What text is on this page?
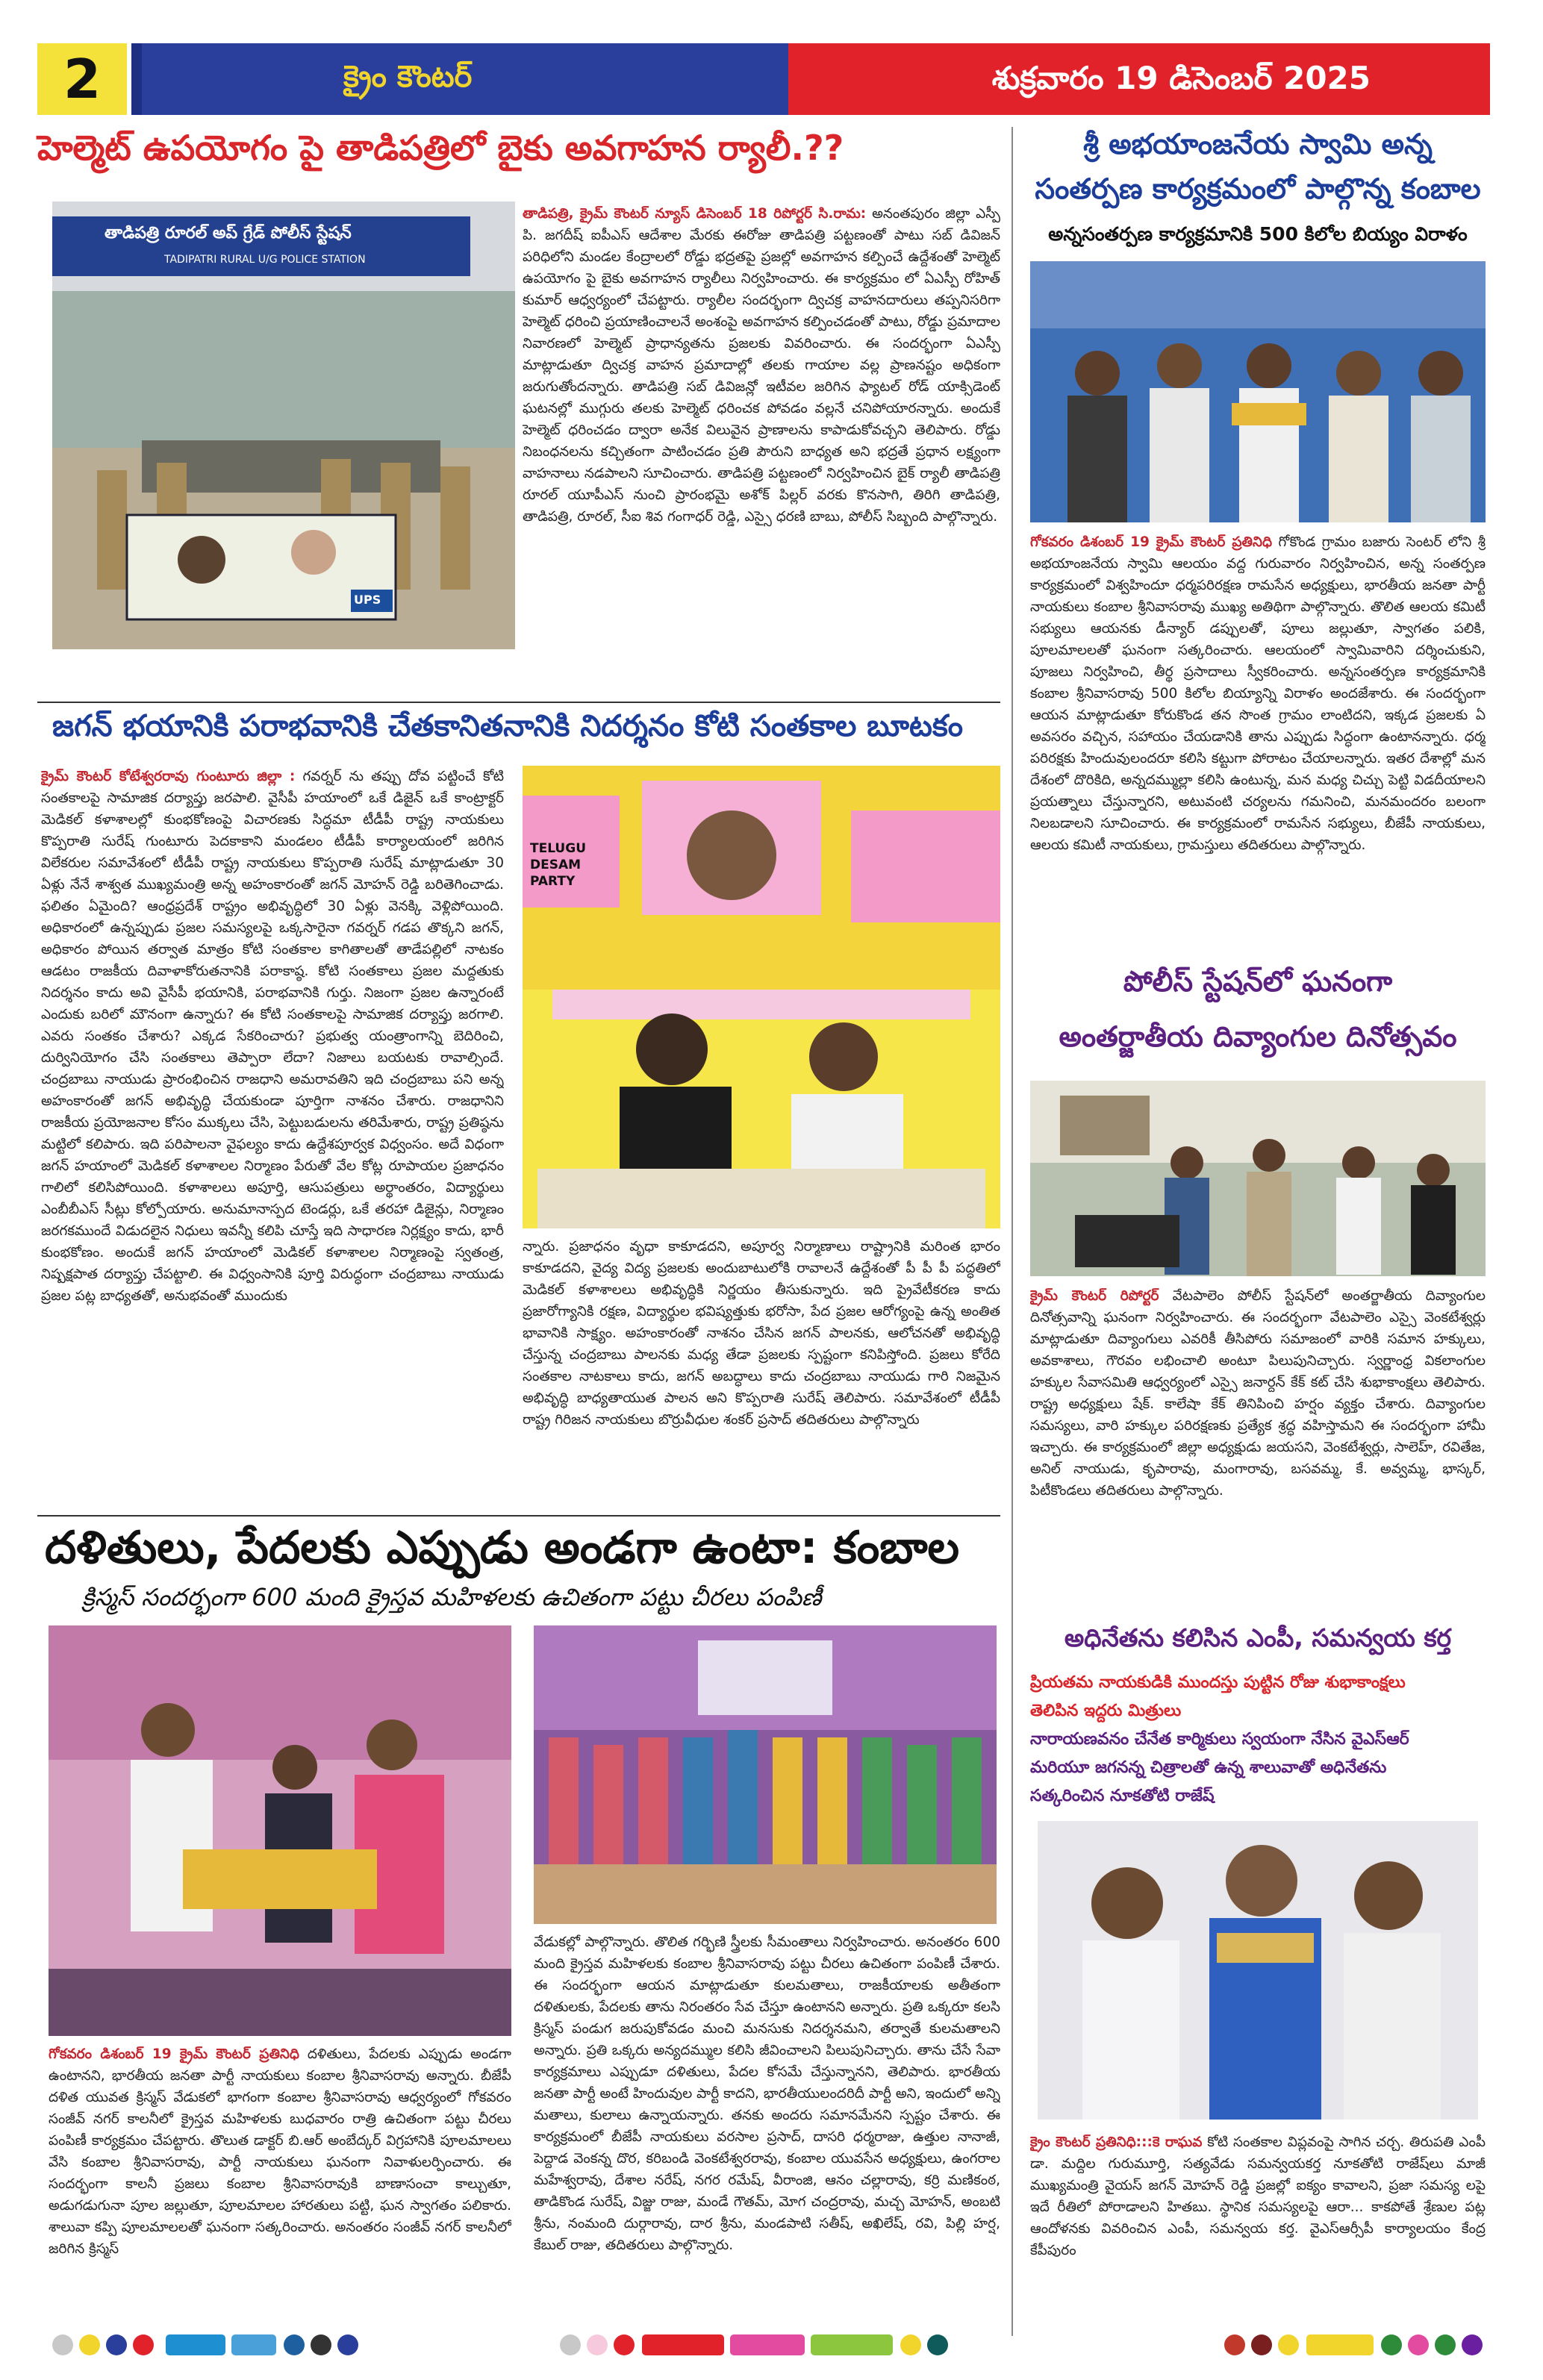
2	క్రైం కౌంటర్	శుక్రవారం 19 డిసెంబర్ 2025
హెల్మెట్ ఉపయోగం పై తాడిపత్రిలో బైకు అవగాహన ర్యాలీ.??
తాడిపత్రి రూరల్ అప్ గ్రేడ్ పోలీస్ స్టేషన్
TADIPATRI RURAL U/G POLICE STATION
UPS
తాడిపత్రి, క్రైమ్ కౌంటర్ న్యూస్ డిసెంబర్ 18 రిపోర్టర్ సి.రామ: అనంతపురం జిల్లా ఎస్పీ పి. జగదీష్ ఐపీఎస్ ఆదేశాల మేరకు ఈరోజు తాడిపత్రి పట్టణంతో పాటు సబ్ డివిజన్ పరిధిలోని మండల కేంద్రాలలో రోడ్డు భద్రతపై ప్రజల్లో అవగాహన కల్పించే ఉద్దేశంతో హెల్మెట్ ఉపయోగం పై బైకు అవగాహన ర్యాలీలు నిర్వహించారు. ఈ కార్యక్రమం లో ఏఎస్పీ రోహిత్ కుమార్ ఆధ్వర్యంలో చేపట్టారు. ర్యాలీల సందర్భంగా ద్విచక్ర వాహనదారులు తప్పనిసరిగా హెల్మెట్ ధరించి ప్రయాణించాలనే అంశంపై అవగాహన కల్పించడంతో పాటు, రోడ్డు ప్రమాదాల నివారణలో హెల్మెట్ ప్రాధాన్యతను ప్రజలకు వివరించారు. ఈ సందర్భంగా ఏఎస్పీ మాట్లాడుతూ ద్విచక్ర వాహన ప్రమాదాల్లో తలకు గాయాల వల్ల ప్రాణనష్టం అధికంగా జరుగుతోందన్నారు. తాడిపత్రి సబ్ డివిజన్లో ఇటీవల జరిగిన ఫ్యాటల్ రోడ్ యాక్సిడెంట్ ఘటనల్లో ముగ్గురు తలకు హెల్మెట్ ధరించక పోవడం వల్లనే చనిపోయారన్నారు. అందుకే హెల్మెట్ ధరించడం ద్వారా అనేక విలువైన ప్రాణాలను కాపాడుకోవచ్చని తెలిపారు. రోడ్డు నిబంధనలను కచ్చితంగా పాటించడం ప్రతి పౌరుని బాధ్యత అని భద్రతే ప్రధాన లక్ష్యంగా వాహనాలు నడపాలని సూచించారు. తాడిపత్రి పట్టణంలో నిర్వహించిన బైక్ ర్యాలీ తాడిపత్రి రూరల్ యూపీఎస్ నుంచి ప్రారంభమై అశోక్ పిల్లర్ వరకు కొనసాగి, తిరిగి తాడిపత్రి, తాడిపత్రి, రూరల్, సీఐ శివ గంగాధర్ రెడ్డి, ఎస్సై ధరణి బాబు, పోలీస్ సిబ్బంది పాల్గొన్నారు.
జగన్ భయానికి పరాభవానికి చేతకానితనానికి నిదర్శనం కోటి సంతకాల బూటకం
క్రైమ్ కౌంటర్ కోటేశ్వరరావు గుంటూరు జిల్లా : గవర్నర్ ను తప్పు దోవ పట్టించే కోటి సంతకాలపై సామాజిక దర్యాప్తు జరపాలి. వైసీపీ హయాంలో ఒకే డిజైన్ ఒకే కాంట్రాక్టర్ మెడికల్ కళాశాలల్లో కుంభకోణంపై విచారణకు సిద్ధమా టీడీపీ రాష్ట్ర నాయకులు కొప్పరాతి సురేష్ గుంటూరు పెదకాకాని మండలం టీడీపీ కార్యాలయంలో జరిగిన విలేకరుల సమావేశంలో టీడీపీ రాష్ట్ర నాయకులు కొప్పరాతి సురేష్ మాట్లాడుతూ 30 ఏళ్లు నేనే శాశ్వత ముఖ్యమంత్రి అన్న అహంకారంతో జగన్ మోహన్ రెడ్డి బరితెగించాడు. ఫలితం ఏమైంది? ఆంధ్రప్రదేశ్ రాష్ట్రం అభివృద్ధిలో 30 ఏళ్లు వెనక్కి వెళ్లిపోయింది. అధికారంలో ఉన్నప్పుడు ప్రజల సమస్యలపై ఒక్కసారైనా గవర్నర్ గడప తొక్కని జగన్, అధికారం పోయిన తర్వాత మాత్రం కోటి సంతకాల కాగితాలతో తాడేపల్లిలో నాటకం ఆడటం రాజకీయ దివాళాకోరుతనానికి పరాకాష్ఠ. కోటి సంతకాలు ప్రజల మద్దతుకు నిదర్శనం కాదు అవి వైసీపీ భయానికి, పరాభవానికి గుర్తు. నిజంగా ప్రజల ఉన్నారంటే ఎందుకు బరిలో మౌనంగా ఉన్నారు? ఈ కోటి సంతకాలపై సామాజిక దర్యాప్తు జరగాలి. ఎవరు సంతకం చేశారు? ఎక్కడ సేకరించారు? ప్రభుత్వ యంత్రాంగాన్ని బెదిరించి, దుర్వినియోగం చేసి సంతకాలు తెప్పారా లేదా? నిజాలు బయటకు రావాల్సిందే. చంద్రబాబు నాయుడు ప్రారంభించిన రాజధాని అమరావతిని ఇది చంద్రబాబు పని అన్న అహంకారంతో జగన్ అభివృద్ధి చేయకుండా పూర్తిగా నాశనం చేశారు. రాజధానిని రాజకీయ ప్రయోజనాల కోసం ముక్కలు చేసి, పెట్టుబడులను తరిమేశారు, రాష్ట్ర ప్రతిష్ఠను మట్టిలో కలిపారు. ఇది పరిపాలనా వైఫల్యం కాదు ఉద్దేశపూర్వక విధ్వంసం. అదే విధంగా జగన్ హయాంలో మెడికల్ కళాశాలల నిర్మాణం పేరుతో వేల కోట్ల రూపాయల ప్రజాధనం గాలిలో కలిసిపోయింది. కళాశాలలు అపూర్తి, ఆసుపత్రులు అర్థాంతరం, విద్యార్థులు ఎంబీబీఎస్ సీట్లు కోల్పోయారు. అనుమానాస్పద టెండర్లు, ఒకే తరహా డిజైన్లు, నిర్మాణం జరగకముందే విడుదలైన నిధులు ఇవన్నీ కలిపి చూస్తే ఇది సాధారణ నిర్లక్ష్యం కాదు, భారీ కుంభకోణం. అందుకే జగన్ హయాంలో మెడికల్ కళాశాలల నిర్మాణంపై స్వతంత్ర, నిష్పక్షపాత దర్యాప్తు చేపట్టాలి. ఈ విధ్వంసానికి పూర్తి విరుద్ధంగా చంద్రబాబు నాయుడు ప్రజల పట్ల బాధ్యతతో, అనుభవంతో ముందుకు
TELUGU DESAM PARTY
న్నారు. ప్రజాధనం వృధా కాకూడదని, అపూర్వ నిర్మాణాలు రాష్ట్రానికి మరింత భారం కాకూడదని, వైద్య విద్య ప్రజలకు అందుబాటులోకి రావాలనే ఉద్దేశంతో పీ పీ పీ పద్ధతిలో మెడికల్ కళాశాలలు అభివృద్ధికి నిర్ణయం తీసుకున్నారు. ఇది ప్రైవేటీకరణ కాదు ప్రజారోగ్యానికి రక్షణ, విద్యార్థుల భవిష్యత్తుకు భరోసా, పేద ప్రజల ఆరోగ్యంపై ఉన్న అంతిత భావానికి సాక్ష్యం. అహంకారంతో నాశనం చేసిన జగన్ పాలనకు, ఆలోచనతో అభివృద్ధి చేస్తున్న చంద్రబాబు పాలనకు మధ్య తేడా ప్రజలకు స్పష్టంగా కనిపిస్తోంది. ప్రజలు కోరేది సంతకాల నాటకాలు కాదు, జగన్ అబద్ధాలు కాదు చంద్రబాబు నాయుడు గారి నిజమైన అభివృద్ధి బాధ్యతాయుత పాలన అని కొప్పరాతి సురేష్ తెలిపారు. సమావేశంలో టీడీపీ రాష్ట్ర గిరిజన నాయకులు బొర్రువీధుల శంకర్ ప్రసాద్ తదితరులు పాల్గొన్నారు
దళితులు, పేదలకు ఎప్పుడు అండగా ఉంటా: కంబాల
క్రిస్మస్ సందర్భంగా 600 మంది క్రైస్తవ మహిళలకు ఉచితంగా పట్టు చీరలు పంపిణీ
గోకవరం డిశంబర్ 19 క్రైమ్ కౌంటర్ ప్రతినిధి దళితులు, పేదలకు ఎప్పుడు అండగా ఉంటానని, భారతీయ జనతా పార్టీ నాయకులు కంబాల శ్రీనివాసరావు అన్నారు. బీజేపీ దళిత యువత క్రిస్మస్ వేడుకలో భాగంగా కంబాల శ్రీనివాసరావు ఆధ్వర్యంలో గోకవరం సంజీవ్ నగర్ కాలనీలో క్రైస్తవ మహిళలకు బుధవారం రాత్రి ఉచితంగా పట్టు చీరలు పంపిణీ కార్యక్రమం చేపట్టారు. తొలుత డాక్టర్ బి.ఆర్ అంబేద్కర్ విగ్రహానికి పూలమాలలు వేసి కంబాల శ్రీనివాసరావు, పార్టీ నాయకులు ఘనంగా నివాళులర్పించారు. ఈ సందర్భంగా కాలనీ ప్రజలు కంబాల శ్రీనివాసరావుకి బాణాసంచా కాల్చుతూ, అడుగడుగునా పూల జల్లుతూ, పూలమాలల హారతులు పట్టి, ఘన స్వాగతం పలికారు. శాలువా కప్పి పూలమాలలతో ఘనంగా సత్కరించారు. అనంతరం సంజీవ్ నగర్ కాలనీలో జరిగిన క్రిస్మస్
వేడుకల్లో పాల్గొన్నారు. తొలిత గర్భిణి స్త్రీలకు సీమంతాలు నిర్వహించారు. అనంతరం 600 మంది క్రైస్తవ మహిళలకు కంబాల శ్రీనివాసరావు పట్టు చీరలు ఉచితంగా పంపిణీ చేశారు. ఈ సందర్భంగా ఆయన మాట్లాడుతూ కులమతాలు, రాజకీయాలకు అతీతంగా దళితులకు, పేదలకు తాను నిరంతరం సేవ చేస్తూ ఉంటానని అన్నారు. ప్రతి ఒక్కరూ కలసి క్రిస్మస్ పండుగ జరుపుకోవడం మంచి మనసుకు నిదర్శనమని, తర్వాతే కులమతాలని అన్నారు. ప్రతి ఒక్కరు అన్యదమ్ముల కలిసి జీవించాలని పిలుపునిచ్చారు. తాను చేసే సేవా కార్యక్రమాలు ఎప్పుడూ దళితులు, పేదల కోసమే చేస్తున్నానని, తెలిపారు. భారతీయ జనతా పార్టీ అంటే హిందువుల పార్టీ కాదని, భారతీయులందరిదీ పార్టీ అని, ఇందులో అన్ని మతాలు, కులాలు ఉన్నాయన్నారు. తనకు అందరు సమానమేనని స్పష్టం చేశారు. ఈ కార్యక్రమంలో బీజేపీ నాయకులు వరసాల ప్రసాద్, దాసరి ధర్మరాజు, ఉత్తుల నానాజీ, పెద్దాడ వెంకన్న దొర, కరిబండి వెంకటేశ్వరరావు, కంబాల యువసేన అధ్యక్షులు, ఉంగరాల మహేశ్వరావు, దేశాల నరేష్, నగర రమేష్, వీరాంజి, ఆనం చల్లారావు, కర్రి మణికంఠ, తాడికొండ సురేష్, విజ్జు రాజు, మండే గౌతమ్, మోగ చంద్రరావు, మచ్చ మోహన్, అంబటి శ్రీను, నంమంది దుర్గారావు, దార శ్రీను, మండపాటి సతీష్, అఖిలేష్, రవి, పిల్లి హర్ష, కేబుల్ రాజు, తదితరులు పాల్గొన్నారు.
శ్రీ అభయాంజనేయ స్వామి అన్న
సంతర్పణ కార్యక్రమంలో పాల్గొన్న కంబాల
అన్నసంతర్పణ కార్యక్రమానికి 500 కిలోల బియ్యం విరాళం
గోకవరం డిశంబర్ 19 క్రైమ్ కౌంటర్ ప్రతినిధి గోకొండ గ్రామం బజారు సెంటర్ లోని శ్రీ అభయాంజనేయ స్వామి ఆలయం వద్ద గురువారం నిర్వహించిన, అన్న సంతర్పణ కార్యక్రమంలో విశ్వహిందూ ధర్మపరిరక్షణ రామసేన అధ్యక్షులు, భారతీయ జనతా పార్టీ నాయకులు కంబాల శ్రీనివాసరావు ముఖ్య అతిథిగా పాల్గొన్నారు. తొలిత ఆలయ కమిటీ సభ్యులు ఆయనకు డీన్యార్ డప్పులతో, పూలు జల్లుతూ, స్వాగతం పలికి, పూలమాలలతో ఘనంగా సత్కరించారు. ఆలయంలో స్వామివారిని దర్శించుకుని, పూజలు నిర్వహించి, తీర్థ ప్రసాదాలు స్వీకరించారు. అన్నసంతర్పణ కార్యక్రమానికి కంబాల శ్రీనివాసరావు 500 కిలోల బియ్యాన్ని విరాళం అందజేశారు. ఈ సందర్భంగా ఆయన మాట్లాడుతూ కోరుకొండ తన సొంత గ్రామం లాంటిదని, ఇక్కడ ప్రజలకు ఏ అవసరం వచ్చిన, సహాయం చేయడానికి తాను ఎప్పుడు సిద్ధంగా ఉంటానన్నారు. ధర్మ పరిరక్షకు హిందువులందరూ కలిసి కట్టుగా పోరాటం చేయాలన్నారు. ఇతర దేశాల్లో మన దేశంలో దొరికిది, అన్నదమ్ముల్లా కలిసి ఉంటున్న, మన మధ్య చిచ్చు పెట్టి విడదీయాలని ప్రయత్నాలు చేస్తున్నారని, అటువంటి చర్యలను గమనించి, మనమందరం బలంగా నిలబడాలని సూచించారు. ఈ కార్యక్రమంలో రామసేన సభ్యులు, బీజేపీ నాయకులు, ఆలయ కమిటీ నాయకులు, గ్రామస్తులు తదితరులు పాల్గొన్నారు.
పోలీస్ స్టేషన్‌లో ఘనంగా
అంతర్జాతీయ దివ్యాంగుల దినోత్సవం
క్రైమ్ కౌంటర్ రిపోర్టర్ వేటపాలెం పోలీస్ స్టేషన్‌లో అంతర్జాతీయ దివ్యాంగుల దినోత్సవాన్ని ఘనంగా నిర్వహించారు. ఈ సందర్భంగా వేటపాలెం ఎస్సై వెంకటేశ్వర్లు మాట్లాడుతూ దివ్యాంగులు ఎవరికీ తీసిపోరు సమాజంలో వారికి సమాన హక్కులు, అవకాశాలు, గౌరవం లభించాలి అంటూ పిలుపునిచ్చారు. స్వర్ణాంధ్ర వికలాంగుల హక్కుల సేవాసమితి ఆధ్వర్యంలో ఎస్సై జనార్దన్ కేక్ కట్ చేసి శుభాకాంక్షలు తెలిపారు. రాష్ట్ర అధ్యక్షులు షేక్. కాలేషా కేక్ తినిపించి హర్షం వ్యక్తం చేశారు. దివ్యాంగుల సమస్యలు, వారి హక్కుల పరిరక్షణకు ప్రత్యేక శ్రద్ధ వహిస్తామని ఈ సందర్భంగా హామీ ఇచ్చారు. ఈ కార్యక్రమంలో జిల్లా అధ్యక్షుడు జయసని, వెంకటేశ్వర్లు, సాలెహ్, రవితేజ, అనిల్ నాయుడు, కృపారావు, మంగారావు, బసవమ్మ, కే. అవ్వమ్మ, భాస్కర్, పిటీకొండలు తదితరులు పాల్గొన్నారు.
అధినేతను కలిసిన ఎంపీ, సమన్వయ కర్త
ప్రియతమ నాయకుడికి ముందస్తు పుట్టిన రోజు శుభాకాంక్షలు
తెలిపిన ఇద్దరు మిత్రులు
నారాయణవనం చేనేత కార్మికులు స్వయంగా నేసిన వైఎస్ఆర్
మరియూ జగనన్న చిత్రాలతో ఉన్న శాలువాతో అధినేతను
సత్కరించిన నూకతోటి రాజేష్
క్రైం కౌంటర్ ప్రతినిధి:::కె రాఘవ కోటి సంతకాల విప్లవంపై సాగిన చర్చ. తిరుపతి ఎంపీ డా. మద్దిల గురుమూర్తి, సత్యవేడు సమన్వయకర్త నూకతోటి రాజేష్‌లు మాజీ ముఖ్యమంత్రి వైయస్ జగన్ మోహన్ రెడ్డి ప్రజల్లో ఐక్యం కావాలని, ప్రజా సమస్య లపై ఇదే రీతిలో పోరాడాలని హితబు. స్థానిక సమస్యలపై ఆరా... కాకపోతే శ్రేణుల పట్ల ఆందోళనకు వివరించిన ఎంపీ, సమన్వయ కర్త. వైఎస్ఆర్సీపీ కార్యాలయం కేంద్ర కేపీపురం
